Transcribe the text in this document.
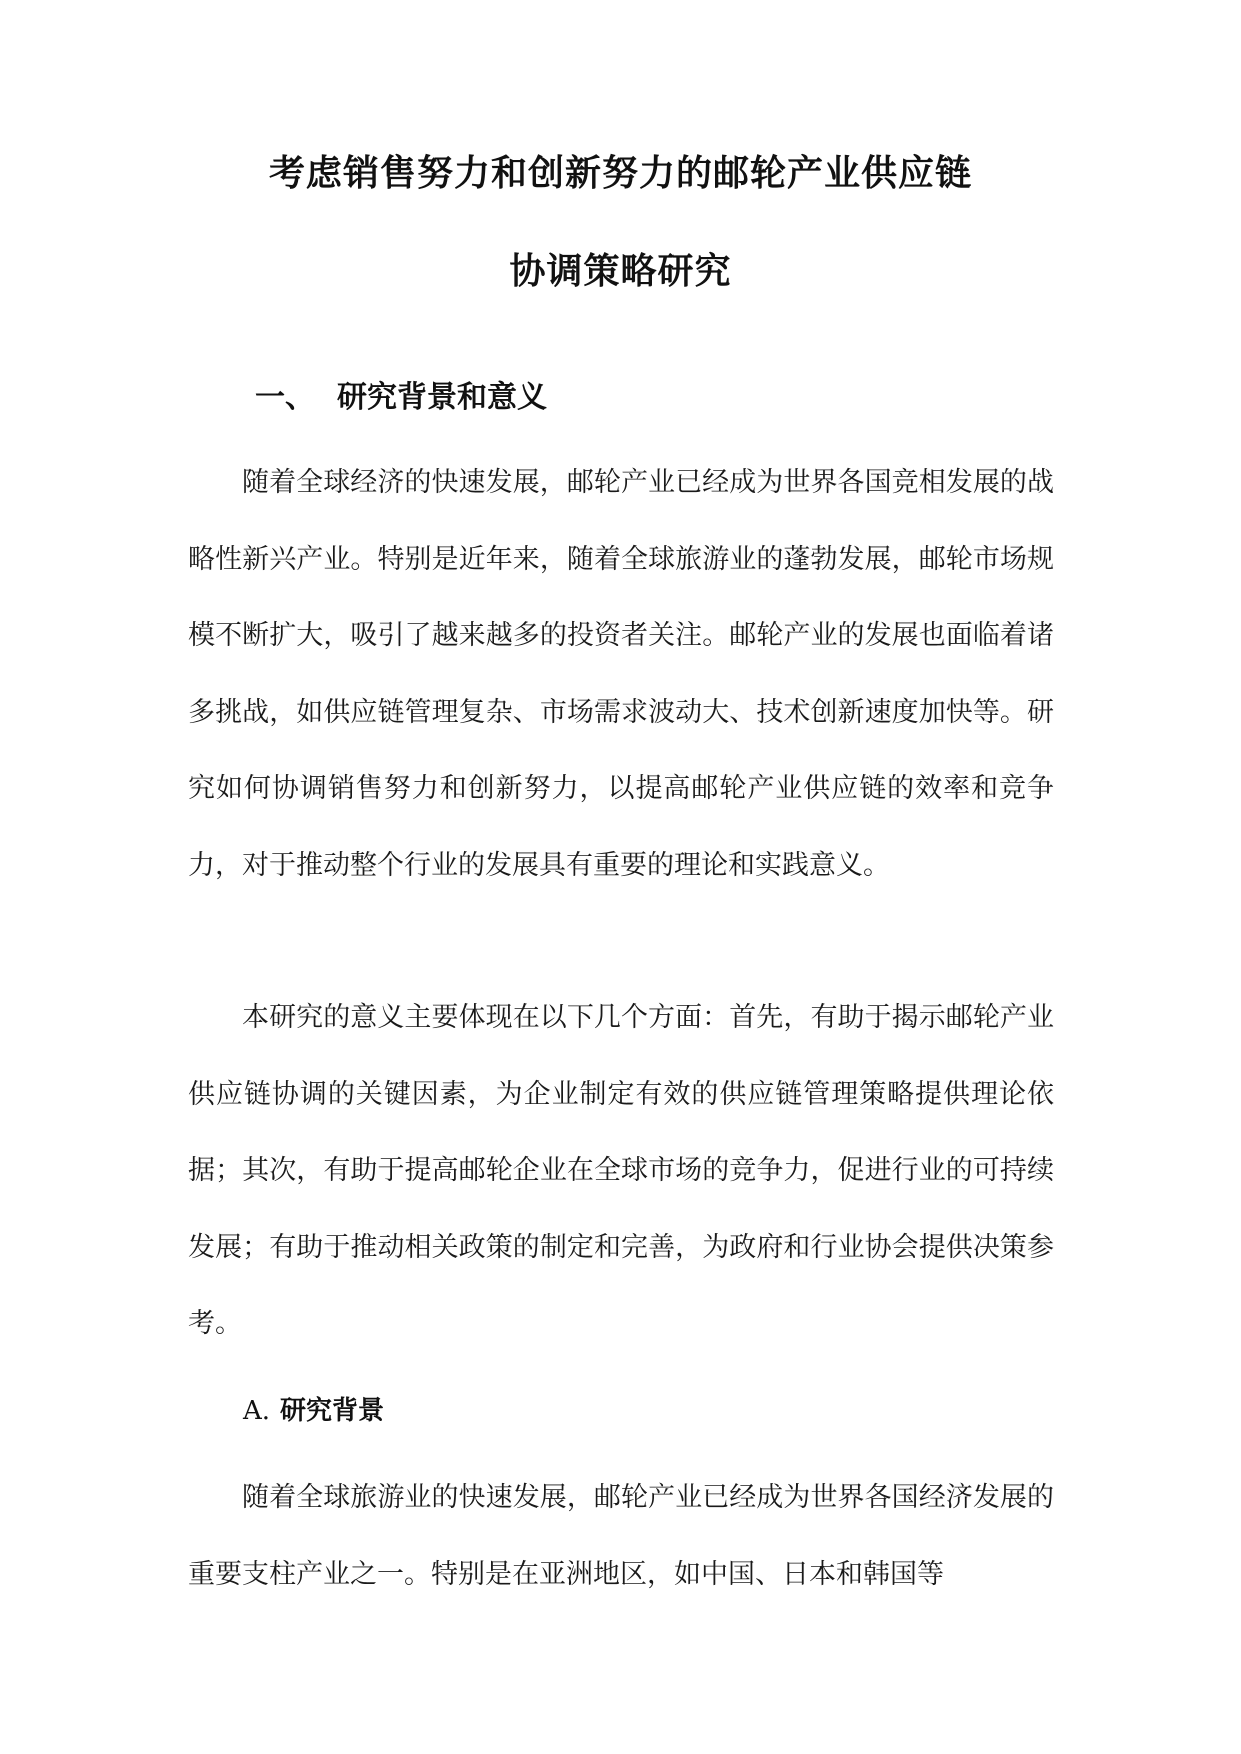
考虑销售努力和创新努力的邮轮产业供应链
协调策略研究
一、 研究背景和意义

随着全球经济的快速发展，邮轮产业已经成为世界各国竞相发展的战略性新兴产业。特别是近年来，随着全球旅游业的蓬勃发展，邮轮市场规模不断扩大，吸引了越来越多的投资者关注。邮轮产业的发展也面临着诸多挑战，如供应链管理复杂、市场需求波动大、技术创新速度加快等。研究如何协调销售努力和创新努力，以提高邮轮产业供应链的效率和竞争力，对于推动整个行业的发展具有重要的理论和实践意义。

本研究的意义主要体现在以下几个方面：首先，有助于揭示邮轮产业供应链协调的关键因素，为企业制定有效的供应链管理策略提供理论依据；其次，有助于提高邮轮企业在全球市场的竞争力，促进行业的可持续发展；有助于推动相关政策的制定和完善，为政府和行业协会提供决策参考。

A. 研究背景

随着全球旅游业的快速发展，邮轮产业已经成为世界各国经济发展的重要支柱产业之一。特别是在亚洲地区，如中国、日本和韩国等
